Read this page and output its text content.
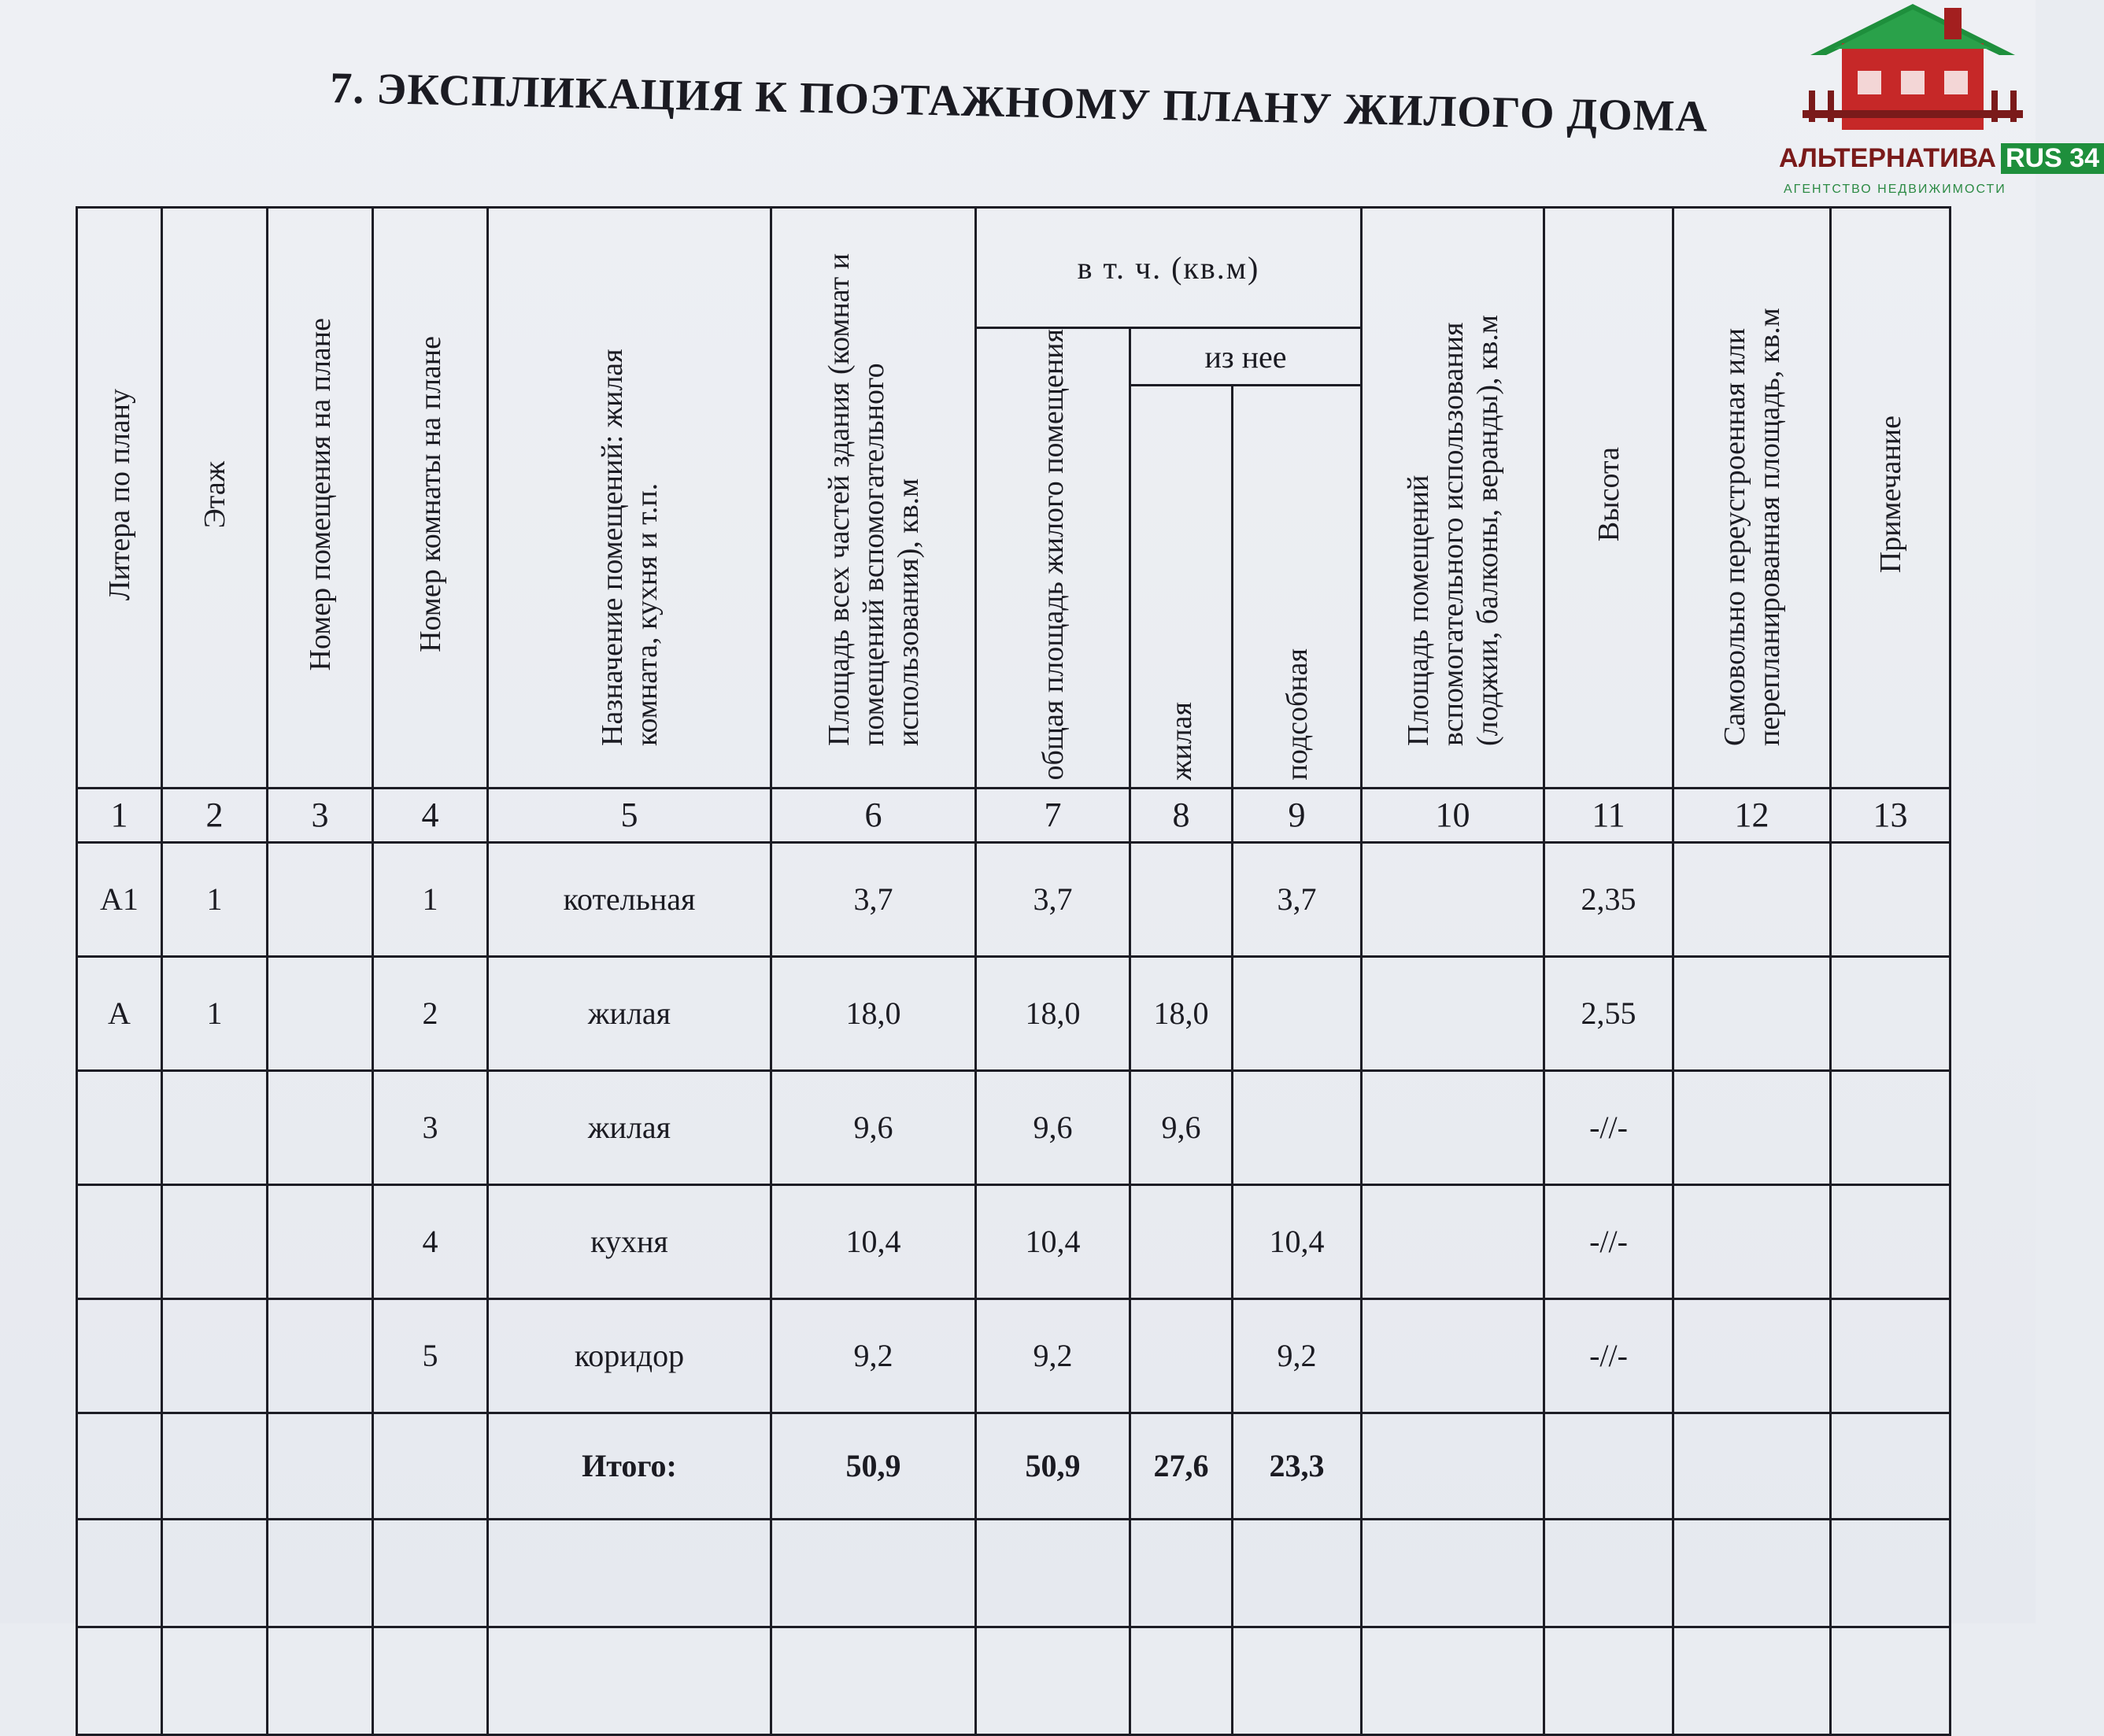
7. ЭКСПЛИКАЦИЯ К ПОЭТАЖНОМУ ПЛАНУ ЖИЛОГО ДОМА
АЛЬТЕРНАТИВА RUS 34
АГЕНТСТВО НЕДВИЖИМОСТИ
Литера по плану	Этаж	Номер помещения на плане	Номер комнаты на плане	Назначение помещений: жилая комната, кухня и т.п.	Площадь всех частей здания (комнат и помещений вспомогательного использования), кв.м	в т. ч. (кв.м)			Площадь помещений вспомогательного использования (лоджии, балконы, веранды), кв.м	Высота	Самовольно переустроенная или перепланированная площадь, кв.м	Примечание

						общая площадь жилого помещения	из нее					

							жилая	подсобная				

1	2	3	4	5	6	7	8	9	10	11	12	13
А1	1		1	котельная	3,7	3,7		3,7		2,35		
А	1		2	жилая	18,0	18,0	18,0			2,55		
			3	жилая	9,6	9,6	9,6			-//-		
			4	кухня	10,4	10,4		10,4		-//-		
			5	коридор	9,2	9,2		9,2		-//-		
				Итого:	50,9	50,9	27,6	23,3				
